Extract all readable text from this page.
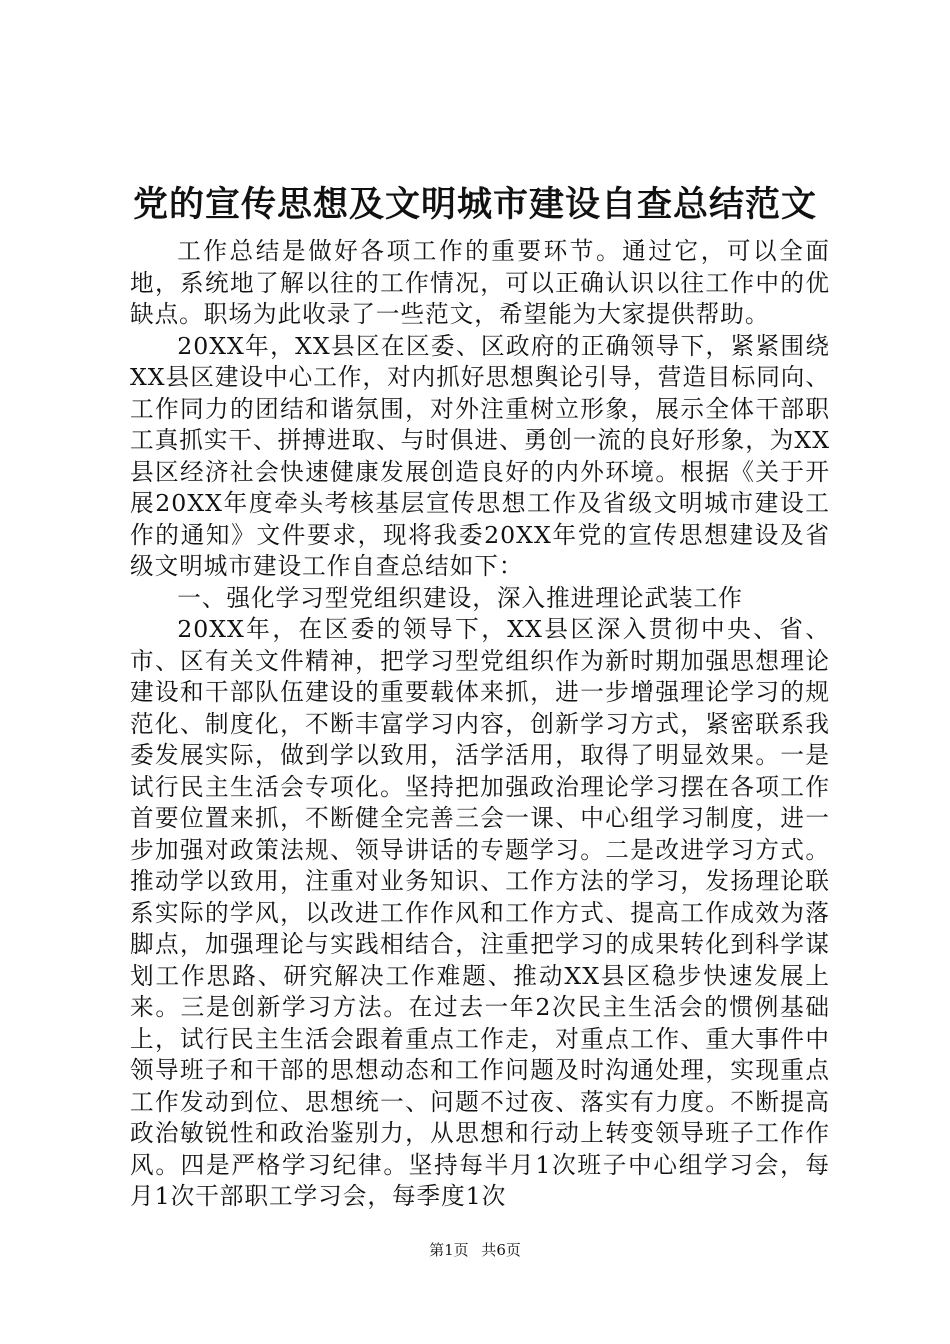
党的宣传思想及文明城市建设自查总结范文

工作总结是做好各项工作的重要环节。通过它，可以全面地，系统地了解以往的工作情况，可以正确认识以往工作中的优缺点。职场为此收录了一些范文，希望能为大家提供帮助。

20XX年，XX县区在区委、区政府的正确领导下，紧紧围绕XX县区建设中心工作，对内抓好思想舆论引导，营造目标同向、工作同力的团结和谐氛围，对外注重树立形象，展示全体干部职工真抓实干、拼搏进取、与时俱进、勇创一流的良好形象，为XX县区经济社会快速健康发展创造良好的内外环境。根据《关于开展20XX年度牵头考核基层宣传思想工作及省级文明城市建设工作的通知》文件要求，现将我委20XX年党的宣传思想建设及省级文明城市建设工作自查总结如下：

一、强化学习型党组织建设，深入推进理论武装工作

20XX年，在区委的领导下，XX县区深入贯彻中央、省、市、区有关文件精神，把学习型党组织作为新时期加强思想理论建设和干部队伍建设的重要载体来抓，进一步增强理论学习的规范化、制度化，不断丰富学习内容，创新学习方式，紧密联系我委发展实际，做到学以致用，活学活用，取得了明显效果。一是试行民主生活会专项化。坚持把加强政治理论学习摆在各项工作首要位置来抓，不断健全完善三会一课、中心组学习制度，进一步加强对政策法规、领导讲话的专题学习。二是改进学习方式。推动学以致用，注重对业务知识、工作方法的学习，发扬理论联系实际的学风，以改进工作作风和工作方式、提高工作成效为落脚点，加强理论与实践相结合，注重把学习的成果转化到科学谋划工作思路、研究解决工作难题、推动XX县区稳步快速发展上来。三是创新学习方法。在过去一年2次民主生活会的惯例基础上，试行民主生活会跟着重点工作走，对重点工作、重大事件中领导班子和干部的思想动态和工作问题及时沟通处理，实现重点工作发动到位、思想统一、问题不过夜、落实有力度。不断提高政治敏锐性和政治鉴别力，从思想和行动上转变领导班子工作作风。四是严格学习纪律。坚持每半月1次班子中心组学习会，每月1次干部职工学习会，每季度1次

第1页 共6页
